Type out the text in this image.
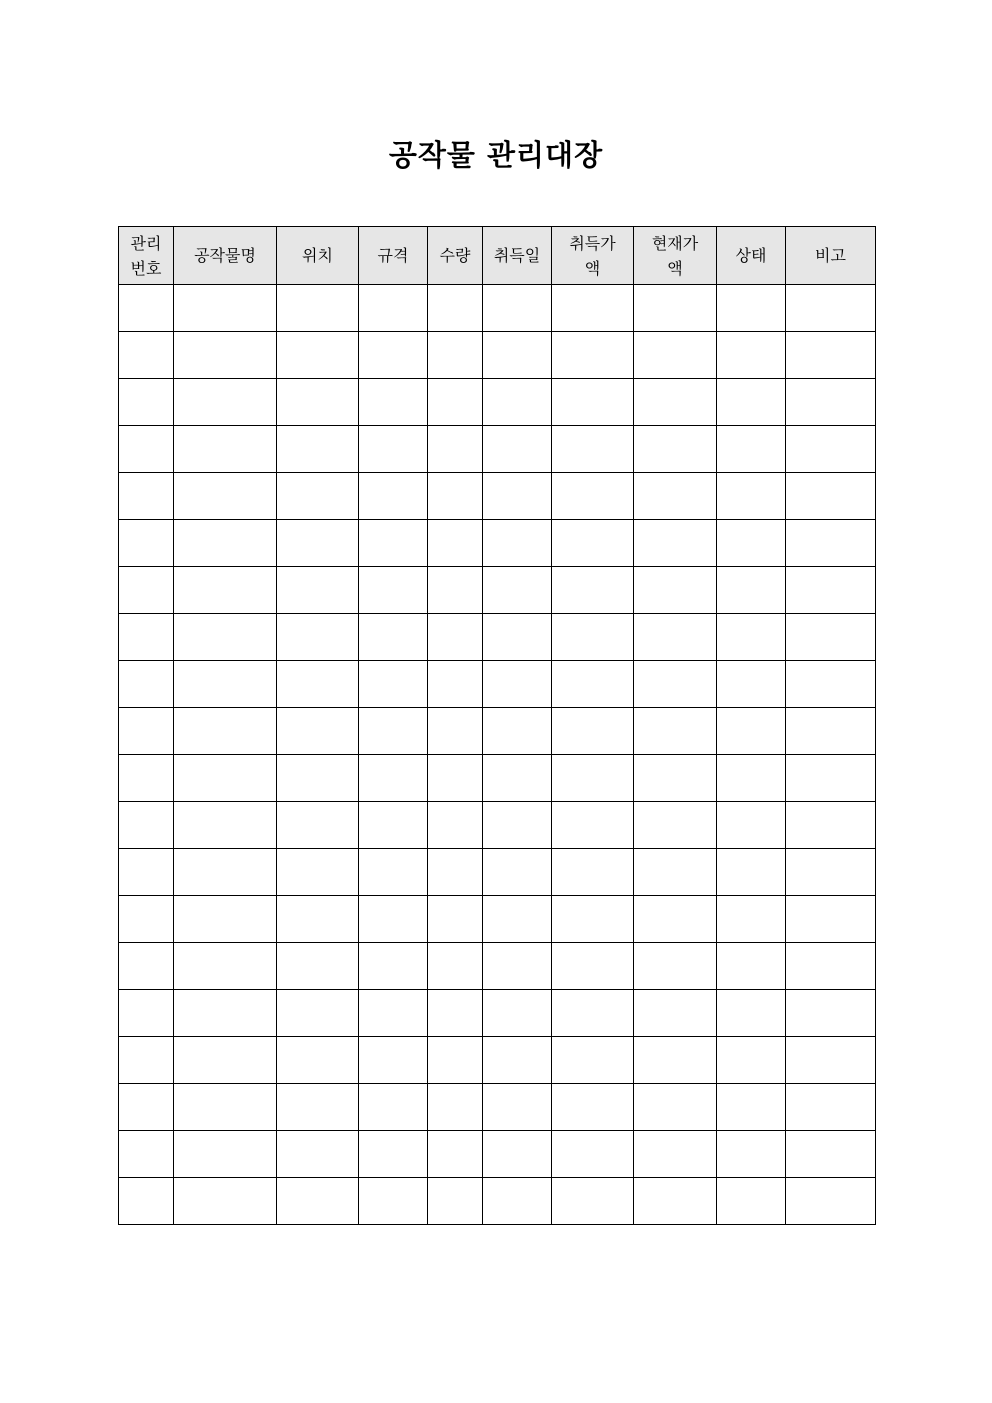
공작물 관리대장
관리번호	공작물명	위치	규격	수량	취득일	취득가액	현재가액	상태	비고
